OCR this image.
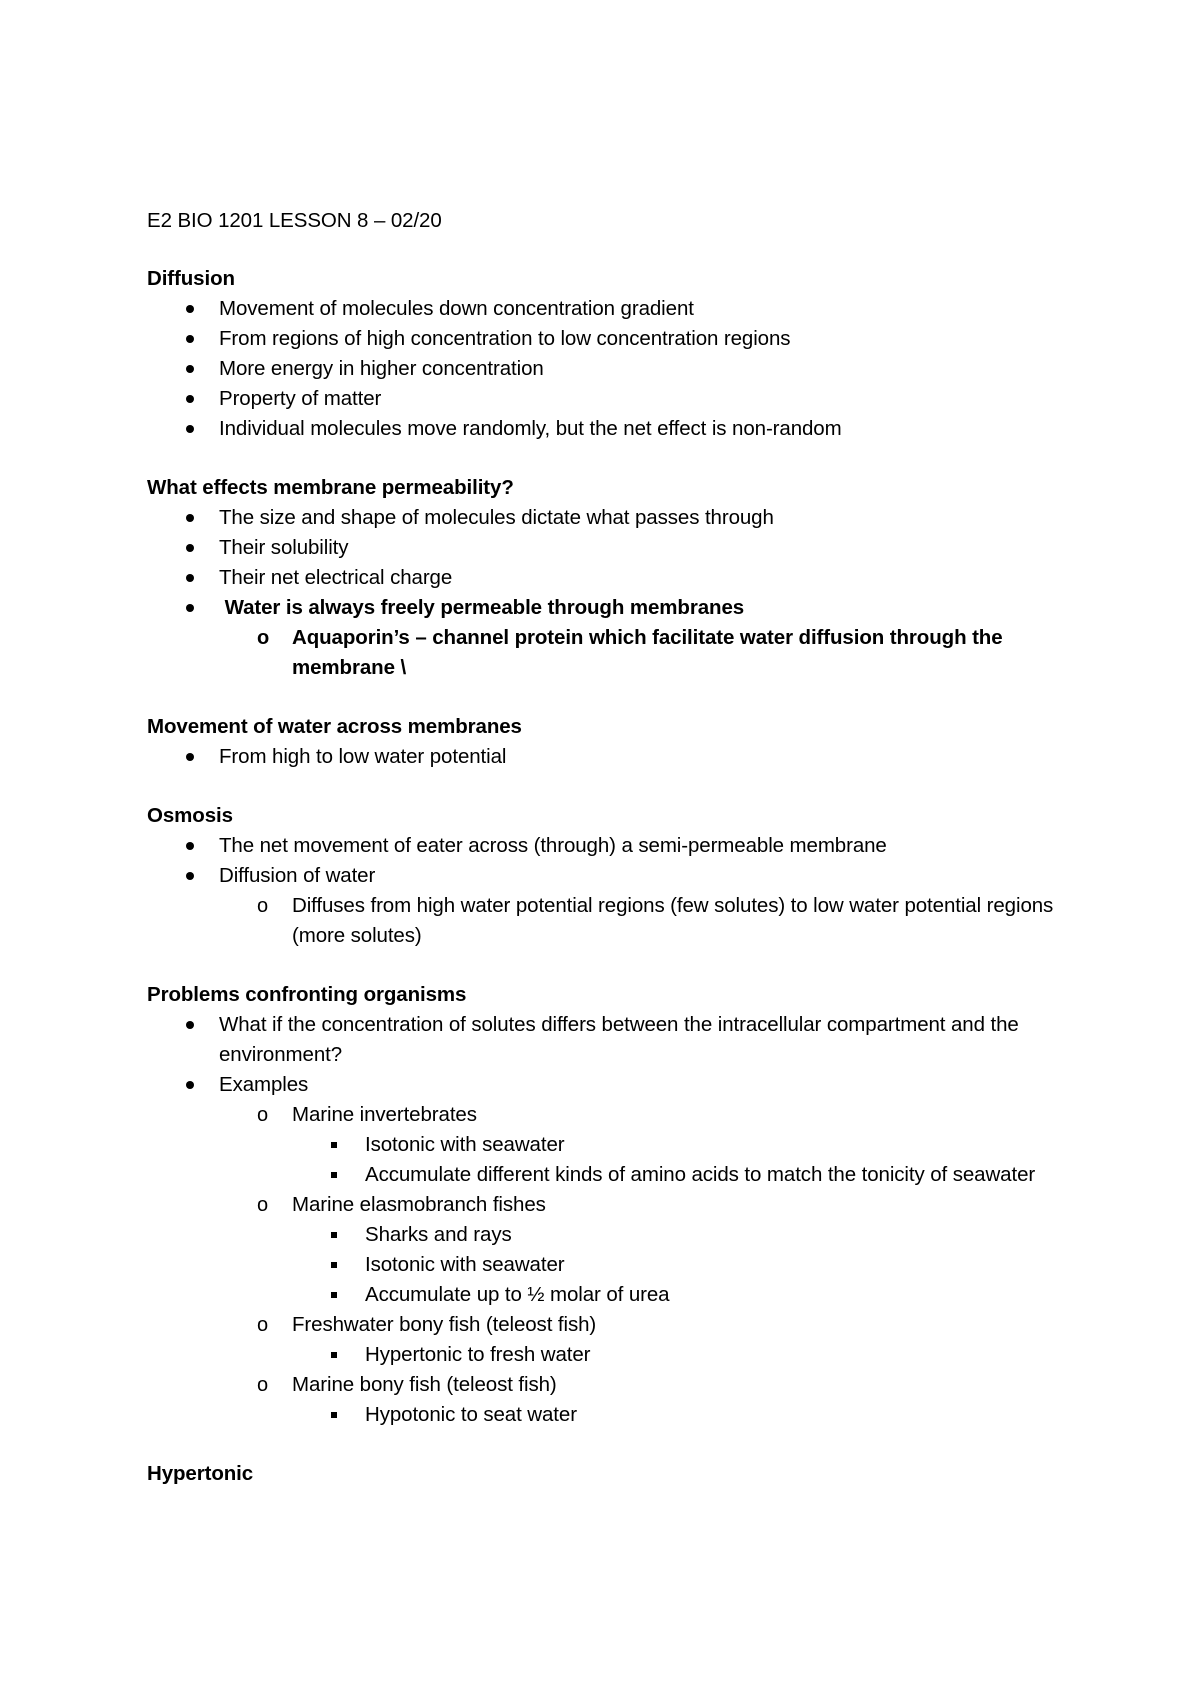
E2 BIO 1201 LESSON 8 – 02/20
Diffusion
Movement of molecules down concentration gradient
From regions of high concentration to low concentration regions
More energy in higher concentration
Property of matter
Individual molecules move randomly, but the net effect is non-random
What effects membrane permeability?
The size and shape of molecules dictate what passes through
Their solubility
Their net electrical charge
Water is always freely permeable through membranes
o Aquaporin’s – channel protein which facilitate water diffusion through the membrane \
Movement of water across membranes
From high to low water potential
Osmosis
The net movement of eater across (through) a semi-permeable membrane
Diffusion of water
o Diffuses from high water potential regions (few solutes) to low water potential regions (more solutes)
Problems confronting organisms
What if the concentration of solutes differs between the intracellular compartment and the environment?
Examples
o Marine invertebrates
Isotonic with seawater
Accumulate different kinds of amino acids to match the tonicity of seawater
o Marine elasmobranch fishes
Sharks and rays
Isotonic with seawater
Accumulate up to ½ molar of urea
o Freshwater bony fish (teleost fish)
Hypertonic to fresh water
o Marine bony fish (teleost fish)
Hypotonic to seat water
Hypertonic
